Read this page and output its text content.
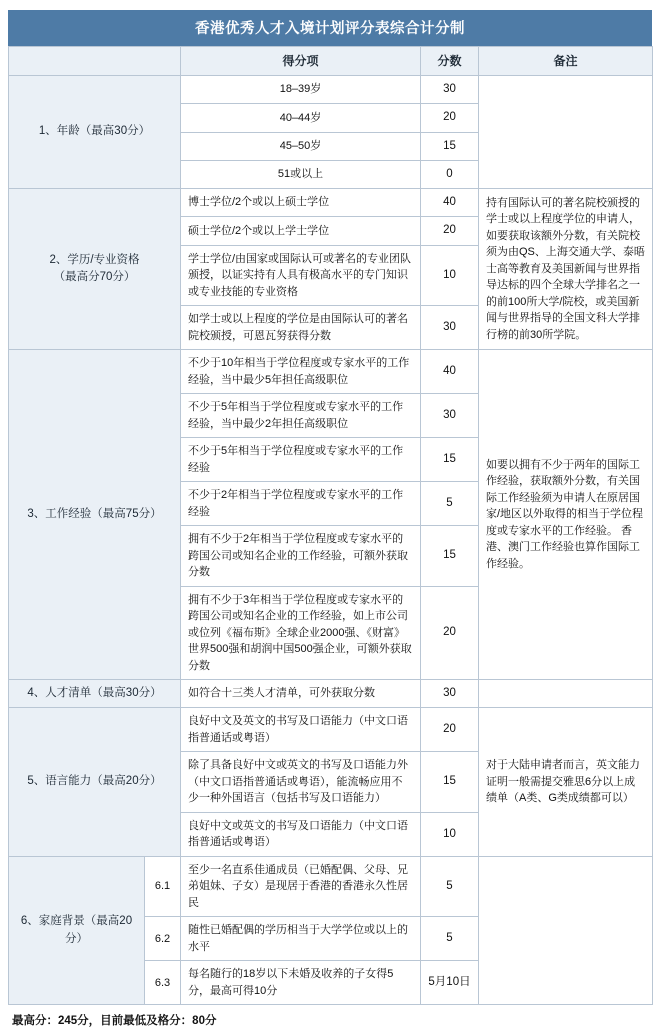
香港优秀人才入境计划评分表综合计分制
		得分项	分数	备注
1、年龄（最高30分）		18–39岁	30	
		40–44岁	20	
		45–50岁	15	
		51或以上	0	

2、学历/专业资格
（最高分70分）		博士学位/2个或以上硕士学位	40	持有国际认可的著名院校颁授的学士或以上程度学位的申请人，如要获取该额外分数，有关院校须为由QS、上海交通大学、泰晤士高等教育及美国新闻与世界指导达标的四个全球大学排名之一的前100所大学/院校，或美国新闻与世界指导的全国文科大学排行榜的前30所学院。
		硕士学位/2个或以上学士学位	20	
		学士学位/由国家或国际认可或著名的专业团队颁授，以证实持有人具有极高水平的专门知识或专业技能的专业资格	10	
		如学士或以上程度的学位是由国际认可的著名院校颁授，可恩瓦努获得分数	30	
3、工作经验（最高75分）		不少于10年相当于学位程度或专家水平的工作经验，当中最少5年担任高级职位	40	如要以拥有不少于两年的国际工作经验，获取额外分数，有关国际工作经验须为申请人在原居国家/地区以外取得的相当于学位程度或专家水平的工作经验。 香港、澳门工作经验也算作国际工作经验。
		不少于5年相当于学位程度或专家水平的工作经验，当中最少2年担任高级职位	30	
		不少于5年相当于学位程度或专家水平的工作经验	15	
		不少于2年相当于学位程度或专家水平的工作经验	5	
		拥有不少于2年相当于学位程度或专家水平的跨国公司或知名企业的工作经验，可额外获取分数	15	
		拥有不少于3年相当于学位程度或专家水平的跨国公司或知名企业的工作经验，如上市公司或位列《福布斯》全球企业2000强、《财富》世界500强和胡润中国500强企业，可额外获取分数	20	
4、人才清单（最高30分）		如符合十三类人才清单，可外获取分数	30	
5、语言能力（最高20分）		良好中文及英文的书写及口语能力（中文口语指普通话或粤语）	20	对于大陆申请者而言，英文能力证明一般需提交雅思6分以上成绩单（A类、G类成绩都可以）
		除了具备良好中文或英文的书写及口语能力外（中文口语指普通话或粤语），能流畅应用不少一种外国语言（包括书写及口语能力）	15	
		良好中文或英文的书写及口语能力（中文口语指普通话或粤语）	10	
6、家庭背景（最高20分）	6.1	至少一名直系佳通成员（已婚配偶、父母、兄弟姐妹、子女）是现居于香港的香港永久性居民	5	
	6.2	随性已婚配偶的学历相当于大学学位或以上的水平	5	
	6.3	每名随行的18岁以下未婚及收养的子女得5分，最高可得10分	5月10日	
最高分：245分，目前最低及格分：80分
